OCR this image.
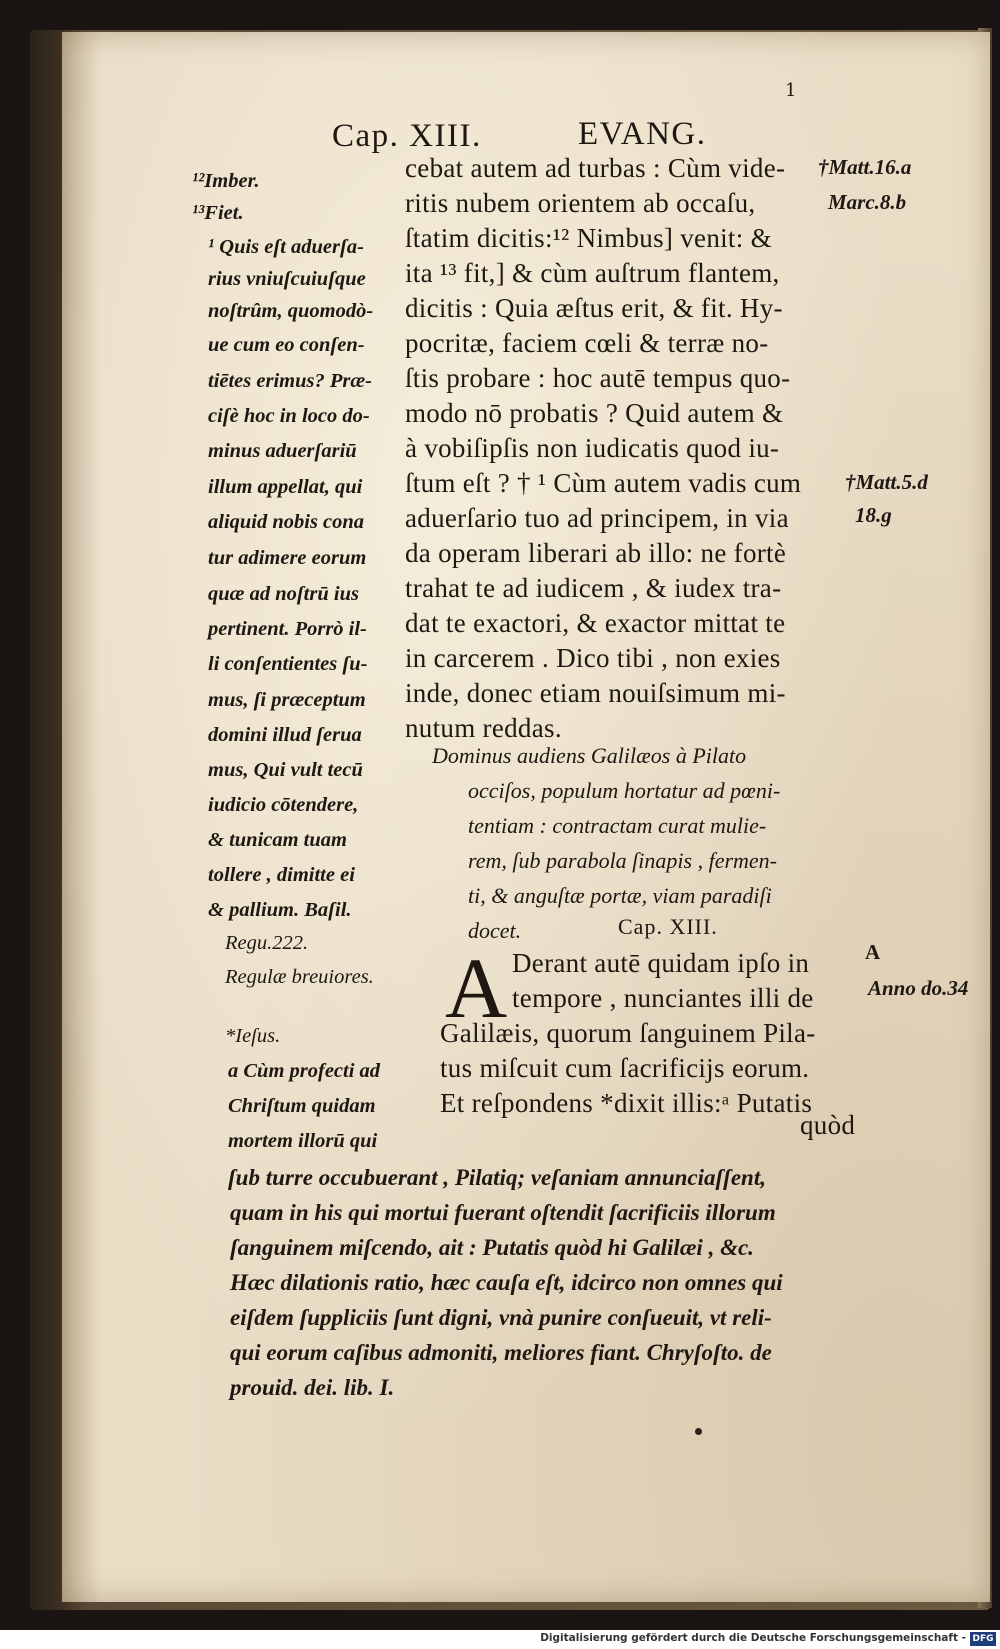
1
Cap. XIII.	EVANG.
cebat autem ad turbas : Cùm vide-
ritis nubem orientem ab occaſu,
ſtatim dicitis:¹² Nimbus] venit: &
ita ¹³ fit,] & cùm auſtrum flantem,
dicitis : Quia æſtus erit, & fit. Hy-
pocritæ, faciem cœli & terræ no-
ſtis probare : hoc autē tempus quo-
modo nō probatis ? Quid autem &
à vobiſipſis non iudicatis quod iu-
ſtum eſt ? † ¹ Cùm autem vadis cum
aduerſario tuo ad principem, in via
da operam liberari ab illo: ne fortè
trahat te ad iudicem , & iudex tra-
dat te exactori, & exactor mittat te
in carcerem . Dico tibi , non exies
inde, donec etiam nouiſsimum mi-
nutum reddas.
¹²Imber.
¹³Fiet.
¹ Quis eſt aduerſa-
rius vniuſcuiuſque
noſtrûm, quomodò-
ue cum eo conſen-
tiētes erimus? Præ-
ciſè hoc in loco do-
minus aduerſariū
illum appellat, qui
aliquid nobis cona
tur adimere eorum
quæ ad noſtrū ius
pertinent. Porrò il-
li conſentientes ſu-
mus, ſi præceptum
domini illud ſerua
mus, Qui vult tecū
iudicio cōtendere,
& tunicam tuam
tollere , dimitte ei
& pallium. Baſil.
Regu.222.
Regulæ breuiores.
†Matt.16.a
Marc.8.b
†Matt.5.d
18.g
Dominus audiens Galilæos à Pilato
occiſos, populum hortatur ad pœni-
tentiam : contractam curat mulie-
rem, ſub parabola ſinapis , fermen-
ti, & anguſtæ portæ, viam paradiſi
docet.	Cap. XIII.
A Derant autē quidam ipſo in
tempore , nunciantes illi de
Galilæis, quorum ſanguinem Pila-
tus miſcuit cum ſacrificijs eorum.
Et reſpondens *dixit illis:ᵃ Putatis
quòd
A
Anno do.34
*Ieſus.
a Cùm profecti ad
Chriſtum quidam
mortem illorū qui
ſub turre occubuerant , Pilatiq; veſaniam annunciaſſent,
quam in his qui mortui fuerant oſtendit ſacrificiis illorum
ſanguinem miſcendo, ait : Putatis quòd hi Galilæi , &c.
Hæc dilationis ratio, hæc cauſa eſt, idcirco non omnes qui
eiſdem ſuppliciis ſunt digni, vnà punire conſueuit, vt reli-
qui eorum caſibus admoniti, meliores fiant. Chryſoſto. de
prouid. dei. lib. I.
Digitalisierung gefördert durch die Deutsche Forschungsgemeinschaft - DFG
